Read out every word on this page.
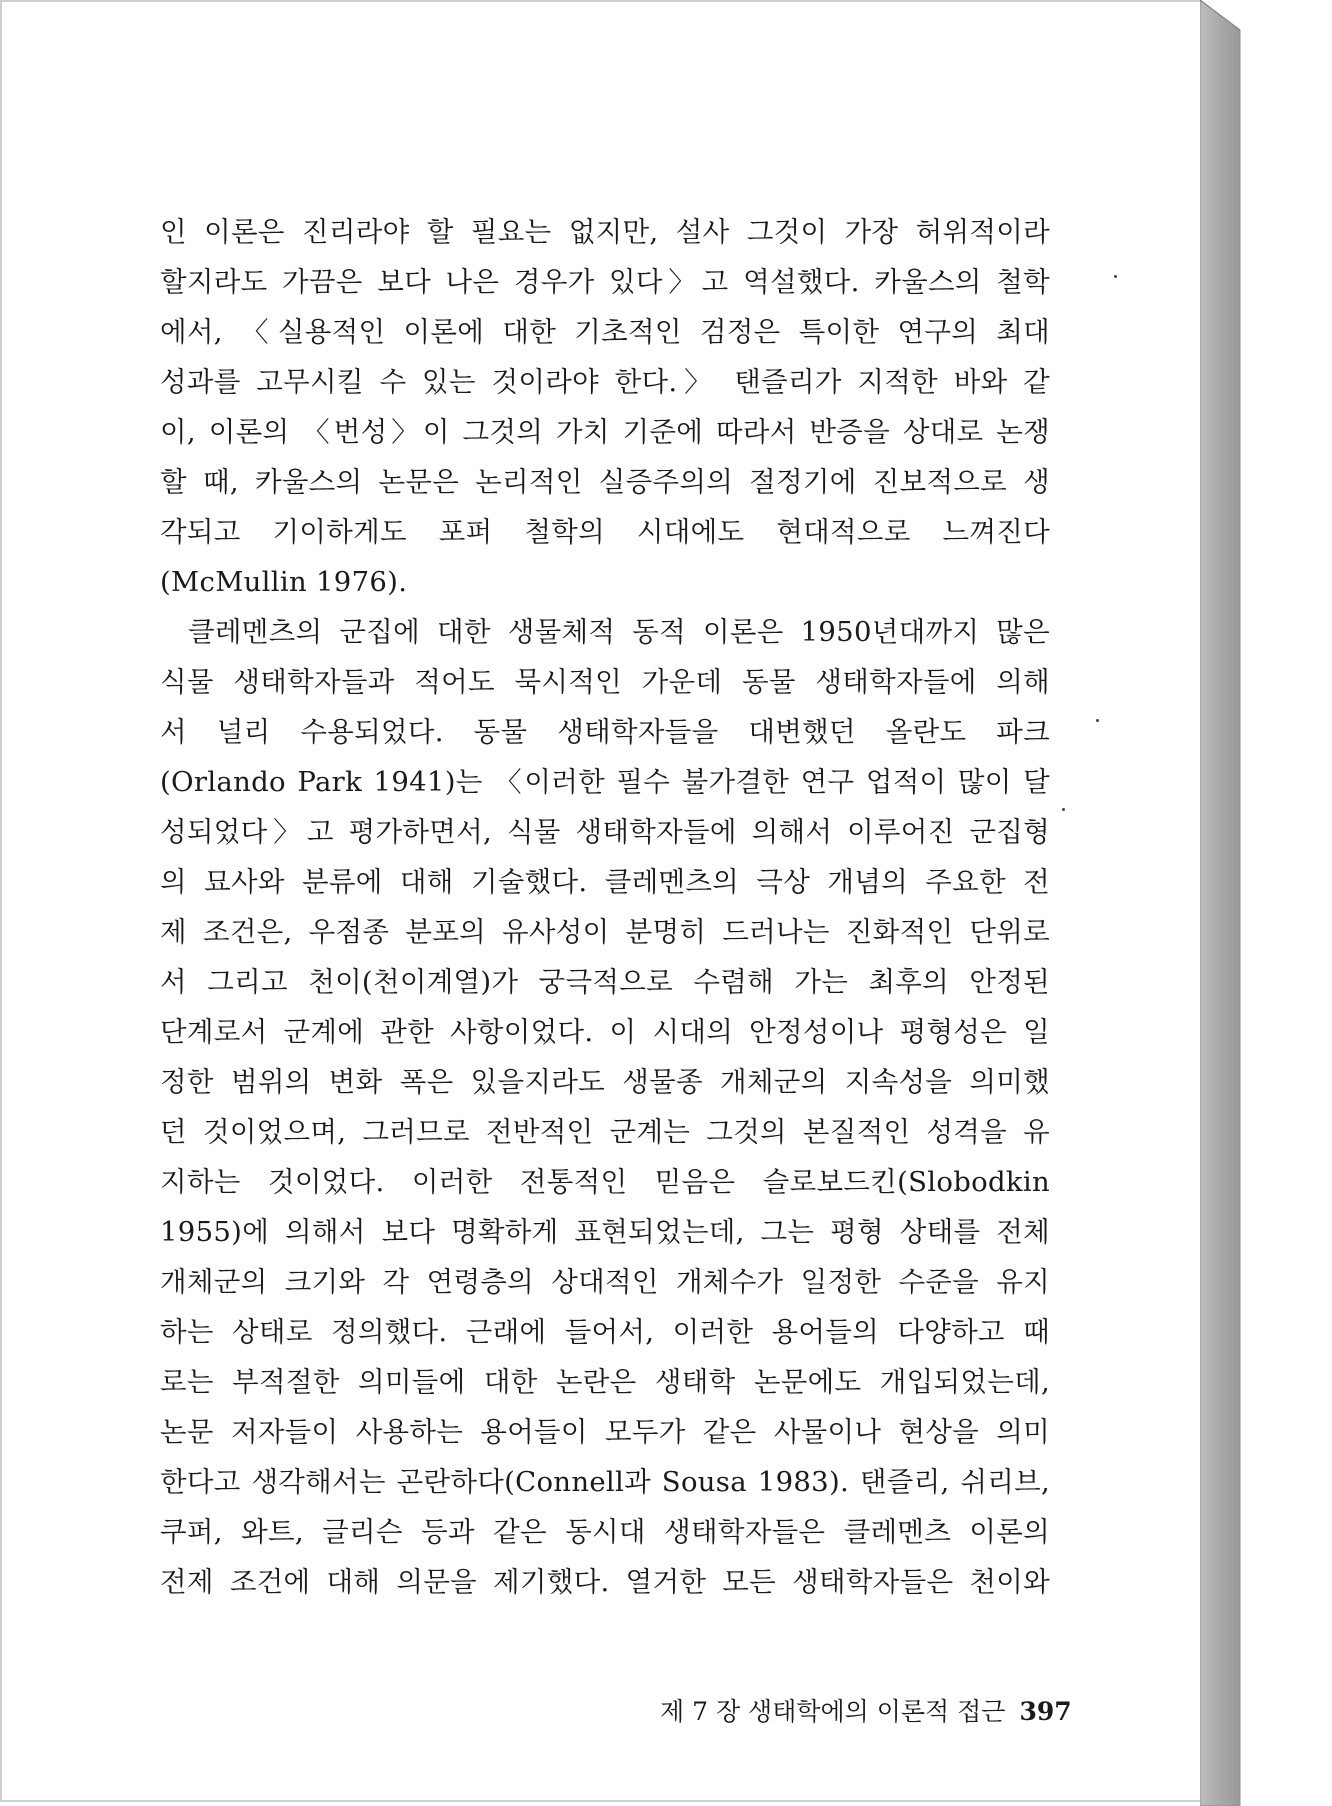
인 이론은 진리라야 할 필요는 없지만, 설사 그것이 가장 허위적이라
할지라도 가끔은 보다 나은 경우가 있다〉고 역설했다. 카울스의 철학
에서, 〈실용적인 이론에 대한 기초적인 검정은 특이한 연구의 최대
성과를 고무시킬 수 있는 것이라야 한다.〉 탠즐리가 지적한 바와 같
이, 이론의 〈번성〉이 그것의 가치 기준에 따라서 반증을 상대로 논쟁
할 때, 카울스의 논문은 논리적인 실증주의의 절정기에 진보적으로 생
각되고 기이하게도 포퍼 철학의 시대에도 현대적으로 느껴진다
(McMullin 1976).
클레멘츠의 군집에 대한 생물체적 동적 이론은 1950년대까지 많은
식물 생태학자들과 적어도 묵시적인 가운데 동물 생태학자들에 의해
서 널리 수용되었다. 동물 생태학자들을 대변했던 올란도 파크
(Orlando Park 1941)는 〈이러한 필수 불가결한 연구 업적이 많이 달
성되었다〉고 평가하면서, 식물 생태학자들에 의해서 이루어진 군집형
의 묘사와 분류에 대해 기술했다. 클레멘츠의 극상 개념의 주요한 전
제 조건은, 우점종 분포의 유사성이 분명히 드러나는 진화적인 단위로
서 그리고 천이(천이계열)가 궁극적으로 수렴해 가는 최후의 안정된
단계로서 군계에 관한 사항이었다. 이 시대의 안정성이나 평형성은 일
정한 범위의 변화 폭은 있을지라도 생물종 개체군의 지속성을 의미했
던 것이었으며, 그러므로 전반적인 군계는 그것의 본질적인 성격을 유
지하는 것이었다. 이러한 전통적인 믿음은 슬로보드킨(Slobodkin
1955)에 의해서 보다 명확하게 표현되었는데, 그는 평형 상태를 전체
개체군의 크기와 각 연령층의 상대적인 개체수가 일정한 수준을 유지
하는 상태로 정의했다. 근래에 들어서, 이러한 용어들의 다양하고 때
로는 부적절한 의미들에 대한 논란은 생태학 논문에도 개입되었는데,
논문 저자들이 사용하는 용어들이 모두가 같은 사물이나 현상을 의미
한다고 생각해서는 곤란하다(Connell과 Sousa 1983). 탠즐리, 쉬리브,
쿠퍼, 와트, 글리슨 등과 같은 동시대 생태학자들은 클레멘츠 이론의
전제 조건에 대해 의문을 제기했다. 열거한 모든 생태학자들은 천이와
제 7 장 생태학에의 이론적 접근 397
